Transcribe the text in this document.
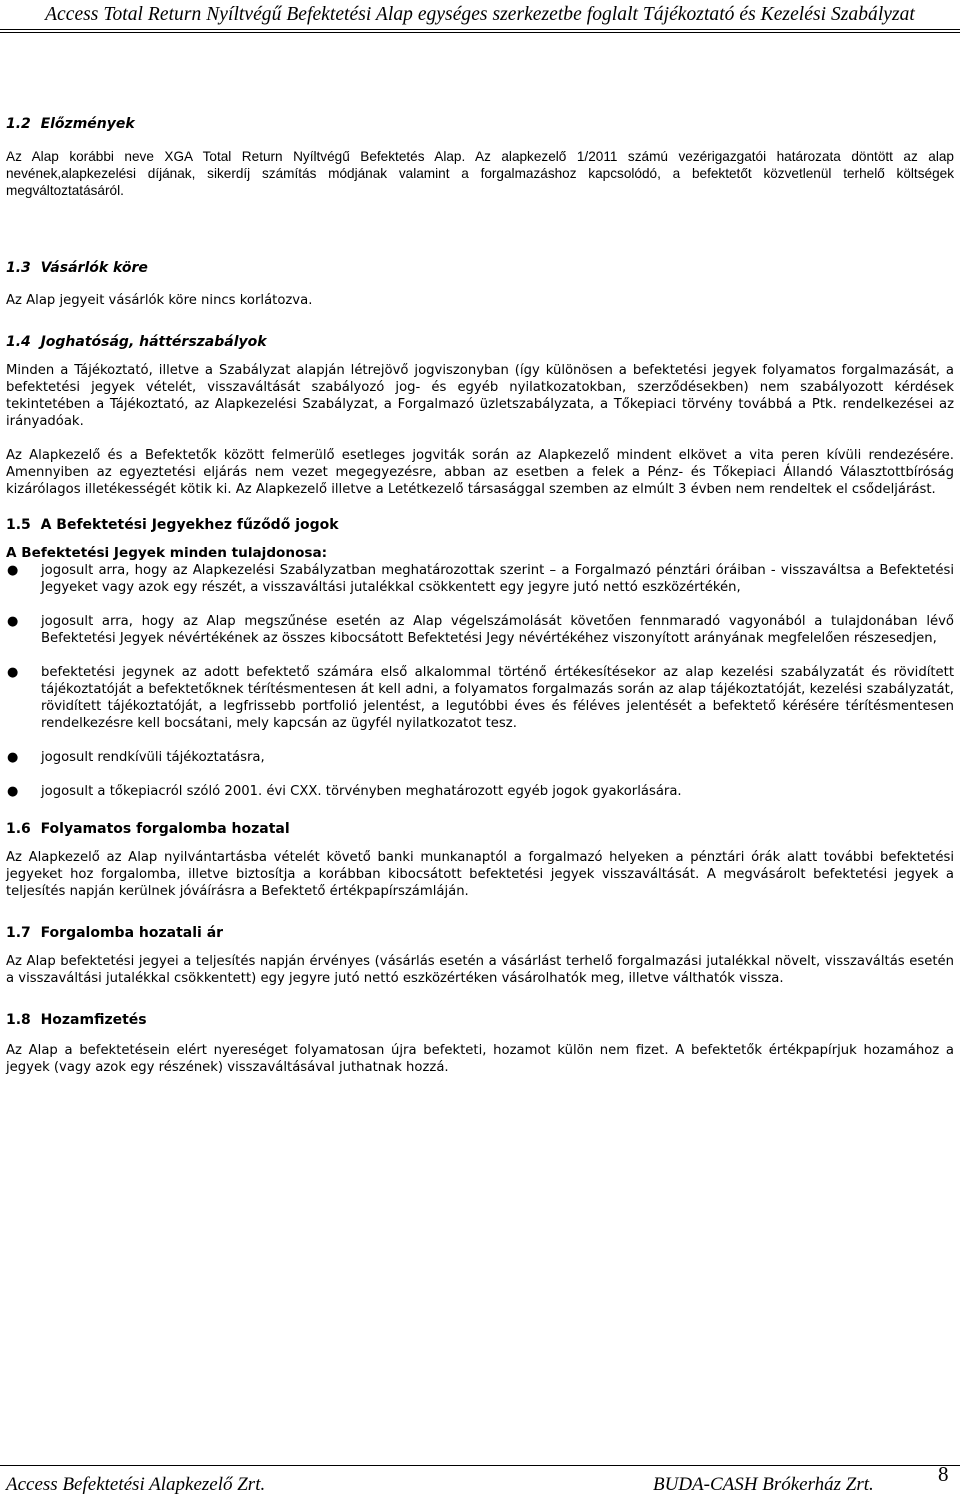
Access Total Return Nyíltvégű Befektetési Alap egységes szerkezetbe foglalt Tájékoztató és Kezelési Szabályzat
1.2 Előzmények

Az Alap korábbi neve XGA Total Return Nyíltvégű Befektetés Alap. Az alapkezelő 1/2011 számú vezérigazgatói határozata döntött az alap nevének,alapkezelési díjának, sikerdíj számítás módjának valamint a forgalmazáshoz kapcsolódó, a befektetőt közvetlenül terhelő költségek megváltoztatásáról.

1.3 Vásárlók köre

Az Alap jegyeit vásárlók köre nincs korlátozva.

1.4 Joghatóság, háttérszabályok

Minden a Tájékoztató, illetve a Szabályzat alapján létrejövő jogviszonyban (így különösen a befektetési jegyek folyamatos forgalmazását, a befektetési jegyek vételét, visszaváltását szabályozó jog- és egyéb nyilatkozatokban, szerződésekben) nem szabályozott kérdések tekintetében a Tájékoztató, az Alapkezelési Szabályzat, a Forgalmazó üzletszabályzata, a Tőkepiaci törvény továbbá a Ptk. rendelkezései az irányadóak.

Az Alapkezelő és a Befektetők között felmerülő esetleges jogviták során az Alapkezelő mindent elkövet a vita peren kívüli rendezésére. Amennyiben az egyeztetési eljárás nem vezet megegyezésre, abban az esetben a felek a Pénz- és Tőkepiaci Állandó Választottbíróság kizárólagos illetékességét kötik ki. Az Alapkezelő illetve a Letétkezelő társasággal szemben az elmúlt 3 évben nem rendeltek el csődeljárást.

1.5 A Befektetési Jegyekhez fűződő jogok
A Befektetési Jegyek minden tulajdonosa:
● jogosult arra, hogy az Alapkezelési Szabályzatban meghatározottak szerint – a Forgalmazó pénztári óráiban - visszaváltsa a Befektetési Jegyeket vagy azok egy részét, a visszaváltási jutalékkal csökkentett egy jegyre jutó nettó eszközértékén,
● jogosult arra, hogy az Alap megszűnése esetén az Alap végelszámolását követően fennmaradó vagyonából a tulajdonában lévő Befektetési Jegyek névértékének az összes kibocsátott Befektetési Jegy névértékéhez viszonyított arányának megfelelően részesedjen,
● befektetési jegynek az adott befektető számára első alkalommal történő értékesítésekor az alap kezelési szabályzatát és rövidített tájékoztatóját a befektetőknek térítésmentesen át kell adni, a folyamatos forgalmazás során az alap tájékoztatóját, kezelési szabályzatát, rövidített tájékoztatóját, a legfrissebb portfolió jelentést, a legutóbbi éves és féléves jelentését a befektető kérésére térítésmentesen rendelkezésre kell bocsátani, mely kapcsán az ügyfél nyilatkozatot tesz.
● jogosult rendkívüli tájékoztatásra,
● jogosult a tőkepiacról szóló 2001. évi CXX. törvényben meghatározott egyéb jogok gyakorlására.
1.6 Folyamatos forgalomba hozatal

Az Alapkezelő az Alap nyilvántartásba vételét követő banki munkanaptól a forgalmazó helyeken a pénztári órák alatt további befektetési jegyeket hoz forgalomba, illetve biztosítja a korábban kibocsátott befektetési jegyek visszaváltását. A megvásárolt befektetési jegyek a teljesítés napján kerülnek jóváírásra a Befektető értékpapírszámláján.

1.7 Forgalomba hozatali ár

Az Alap befektetési jegyei a teljesítés napján érvényes (vásárlás esetén a vásárlást terhelő forgalmazási jutalékkal növelt, visszaváltás esetén a visszaváltási jutalékkal csökkentett) egy jegyre jutó nettó eszközértéken vásárolhatók meg, illetve válthatók vissza.

1.8 Hozamfizetés

Az Alap a befektetésein elért nyereséget folyamatosan újra befekteti, hozamot külön nem fizet. A befektetők értékpapírjuk hozamához a jegyek (vagy azok egy részének) visszaváltásával juthatnak hozzá.

Access Befektetési Alapkezelő Zrt.	BUDA-CASH Brókerház Zrt.	8
